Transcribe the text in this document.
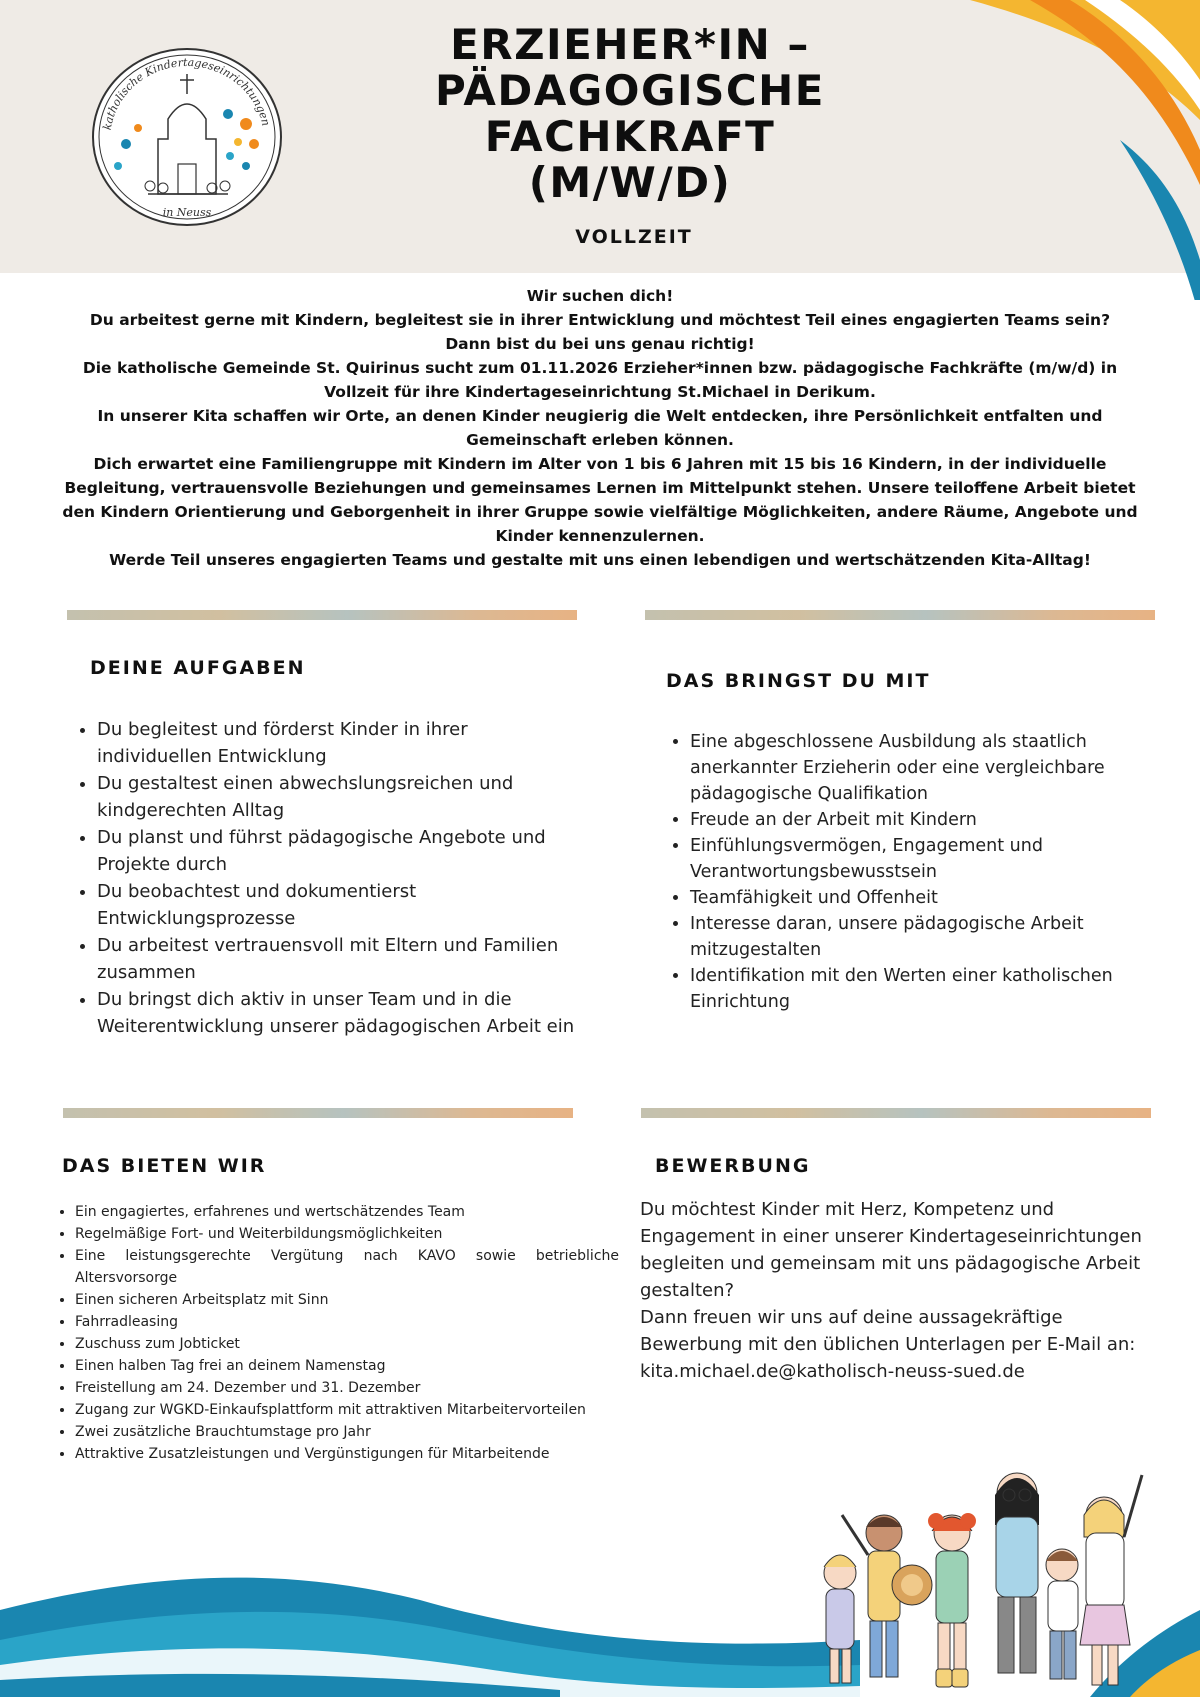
katholische Kindertageseinrichtungen
in Neuss
ERZIEHER*IN –
PÄDAGOGISCHE
FACHKRAFT
(M/W/D)

VOLLZEIT

Wir suchen dich!

Du arbeitest gerne mit Kindern, begleitest sie in ihrer Entwicklung und möchtest Teil eines engagierten Teams sein?

Dann bist du bei uns genau richtig!

Die katholische Gemeinde St. Quirinus sucht zum 01.11.2026 Erzieher*innen bzw. pädagogische Fachkräfte (m/w/d) in Vollzeit für ihre Kindertageseinrichtung St.Michael in Derikum.

In unserer Kita schaffen wir Orte, an denen Kinder neugierig die Welt entdecken, ihre Persönlichkeit entfalten und Gemeinschaft erleben können.

Dich erwartet eine Familiengruppe mit Kindern im Alter von 1 bis 6 Jahren mit 15 bis 16 Kindern, in der individuelle Begleitung, vertrauensvolle Beziehungen und gemeinsames Lernen im Mittelpunkt stehen. Unsere teiloffene Arbeit bietet den Kindern Orientierung und Geborgenheit in ihrer Gruppe sowie vielfältige Möglichkeiten, andere Räume, Angebote und Kinder kennenzulernen.

Werde Teil unseres engagierten Teams und gestalte mit uns einen lebendigen und wertschätzenden Kita-Alltag!

DEINE AUFGABEN
• Du begleitest und förderst Kinder in ihrer individuellen Entwicklung
• Du gestaltest einen abwechslungsreichen und kindgerechten Alltag
• Du planst und führst pädagogische Angebote und Projekte durch
• Du beobachtest und dokumentierst Entwicklungsprozesse
• Du arbeitest vertrauensvoll mit Eltern und Familien zusammen
• Du bringst dich aktiv in unser Team und in die Weiterentwicklung unserer pädagogischen Arbeit ein
DAS BRINGST DU MIT
• Eine abgeschlossene Ausbildung als staatlich anerkannter Erzieherin oder eine vergleichbare pädagogische Qualifikation
• Freude an der Arbeit mit Kindern
• Einfühlungsvermögen, Engagement und Verantwortungsbewusstsein
• Teamfähigkeit und Offenheit
• Interesse daran, unsere pädagogische Arbeit mitzugestalten
• Identifikation mit den Werten einer katholischen Einrichtung
DAS BIETEN WIR
• Ein engagiertes, erfahrenes und wertschätzendes Team
• Regelmäßige Fort- und Weiterbildungsmöglichkeiten
• Eine leistungsgerechte Vergütung nach KAVO sowie betriebliche Altersvorsorge
• Einen sicheren Arbeitsplatz mit Sinn
• Fahrradleasing
• Zuschuss zum Jobticket
• Einen halben Tag frei an deinem Namenstag
• Freistellung am 24. Dezember und 31. Dezember
• Zugang zur WGKD-Einkaufsplattform mit attraktiven Mitarbeitervorteilen
• Zwei zusätzliche Brauchtumstage pro Jahr
• Attraktive Zusatzleistungen und Vergünstigungen für Mitarbeitende
BEWERBUNG

Du möchtest Kinder mit Herz, Kompetenz und Engagement in einer unserer Kindertageseinrichtungen begleiten und gemeinsam mit uns pädagogische Arbeit gestalten?

Dann freuen wir uns auf deine aussagekräftige Bewerbung mit den üblichen Unterlagen per E-Mail an:

kita.michael.de@katholisch-neuss-sued.de
